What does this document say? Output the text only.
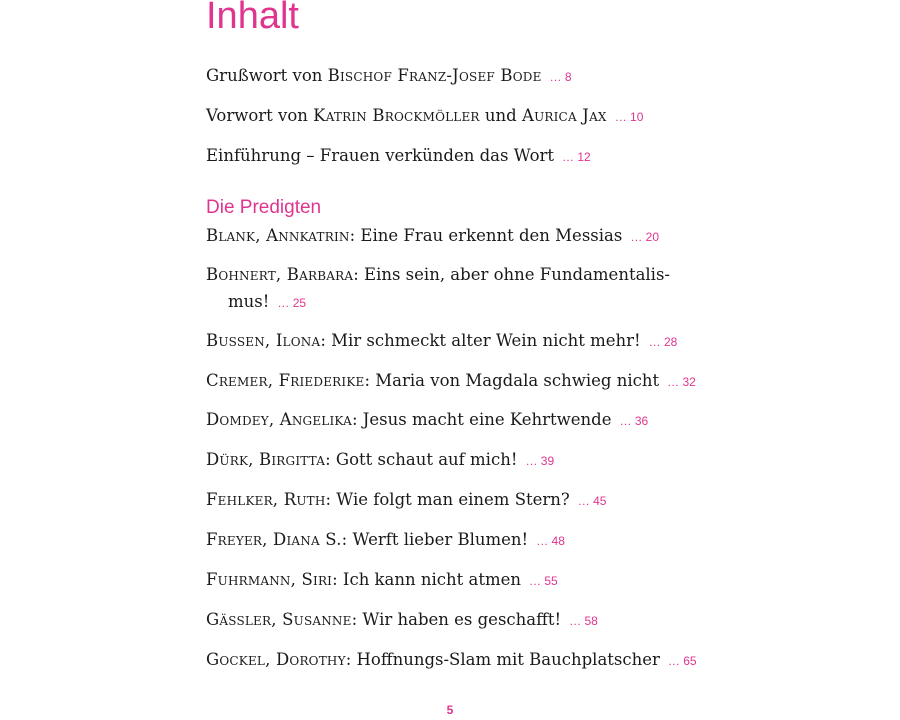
Inhalt
Grußwort von Bischof Franz-Josef Bode … 8
Vorwort von Katrin Brockmöller und Aurica Jax … 10
Einführung – Frauen verkünden das Wort … 12
Die Predigten
Blank, Annkatrin: Eine Frau erkennt den Messias … 20
Bohnert, Barbara: Eins sein, aber ohne Fundamentalis-mus! … 25
Bussen, Ilona: Mir schmeckt alter Wein nicht mehr! … 28
Cremer, Friederike: Maria von Magdala schwieg nicht … 32
Domdey, Angelika: Jesus macht eine Kehrtwende … 36
Dürk, Birgitta: Gott schaut auf mich! … 39
Fehlker, Ruth: Wie folgt man einem Stern? … 45
Freyer, Diana S.: Werft lieber Blumen! … 48
Fuhrmann, Siri: Ich kann nicht atmen … 55
Gässler, Susanne: Wir haben es geschafft! … 58
Gockel, Dorothy: Hoffnungs-Slam mit Bauchplatscher … 65
5
